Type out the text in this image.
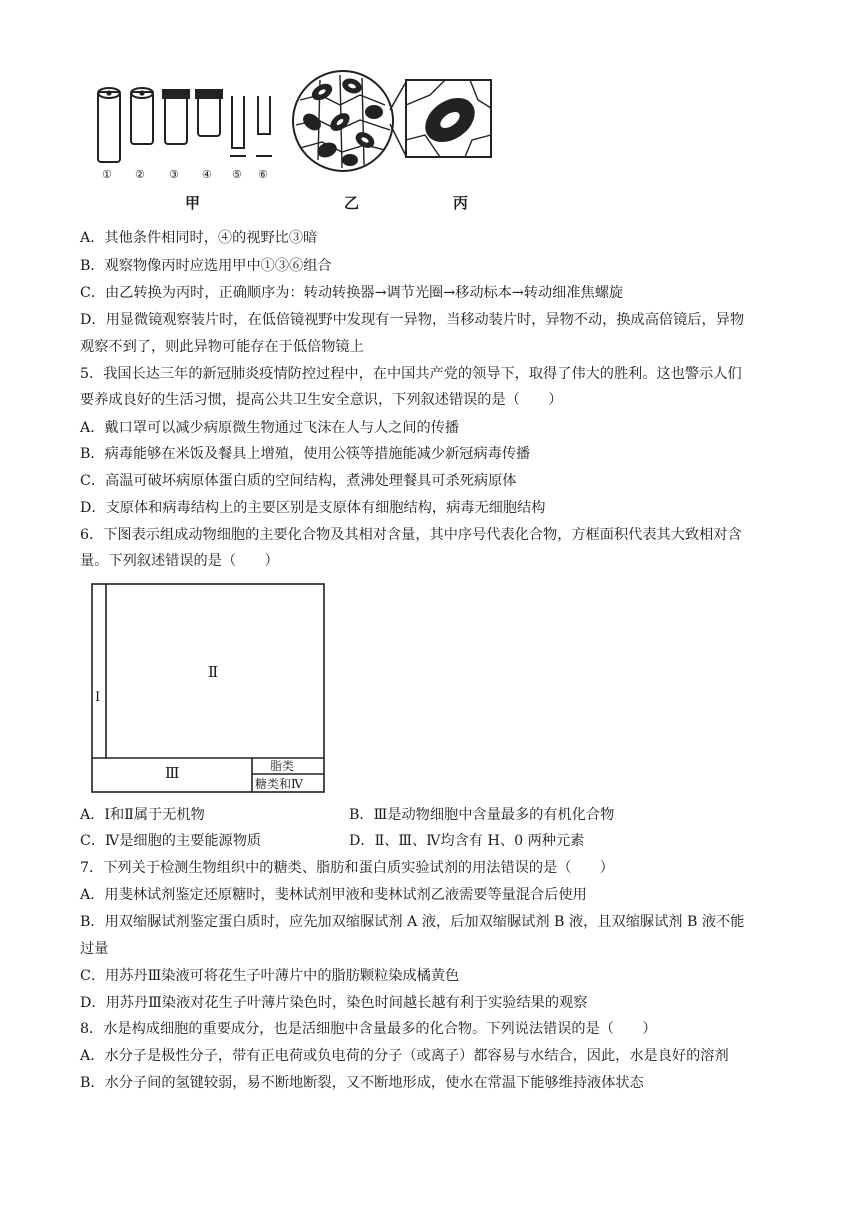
① ② ③ ④ ⑤ ⑥
甲	乙	丙
A．其他条件相同时，④的视野比③暗
B．观察物像丙时应选用甲中①③⑥组合
C．由乙转换为丙时，正确顺序为：转动转换器→调节光圈→移动标本→转动细准焦螺旋
D．用显微镜观察装片时，在低倍镜视野中发现有一异物，当移动装片时，异物不动，换成高倍镜后，异物
观察不到了，则此异物可能存在于低倍物镜上
5．我国长达三年的新冠肺炎疫情防控过程中，在中国共产党的领导下，取得了伟大的胜利。这也警示人们
要养成良好的生活习惯，提高公共卫生安全意识，下列叙述错误的是（　　）
A．戴口罩可以减少病原微生物通过飞沫在人与人之间的传播
B．病毒能够在米饭及餐具上增殖，使用公筷等措施能减少新冠病毒传播
C．高温可破坏病原体蛋白质的空间结构，煮沸处理餐具可杀死病原体
D．支原体和病毒结构上的主要区别是支原体有细胞结构，病毒无细胞结构
6．下图表示组成动物细胞的主要化合物及其相对含量，其中序号代表化合物，方框面积代表其大致相对含
量。下列叙述错误的是（　　）
Ⅰ
Ⅱ
Ⅲ	脂类
糖类和Ⅳ
A．Ⅰ和Ⅱ属于无机物	B．Ⅲ是动物细胞中含量最多的有机化合物
C．Ⅳ是细胞的主要能源物质	D．Ⅱ、Ⅲ、Ⅳ均含有 H、0 两种元素
7．下列关于检测生物组织中的糖类、脂肪和蛋白质实验试剂的用法错误的是（　　）
A．用斐林试剂鉴定还原糖时，斐林试剂甲液和斐林试剂乙液需要等量混合后使用
B．用双缩脲试剂鉴定蛋白质时，应先加双缩脲试剂 A 液，后加双缩脲试剂 B 液，且双缩脲试剂 B 液不能
过量
C．用苏丹Ⅲ染液可将花生子叶薄片中的脂肪颗粒染成橘黄色
D．用苏丹Ⅲ染液对花生子叶薄片染色时，染色时间越长越有利于实验结果的观察
8．水是构成细胞的重要成分，也是活细胞中含量最多的化合物。下列说法错误的是（　　）
A．水分子是极性分子，带有正电荷或负电荷的分子（或离子）都容易与水结合，因此，水是良好的溶剂
B．水分子间的氢键较弱，易不断地断裂，又不断地形成，使水在常温下能够维持液体状态
